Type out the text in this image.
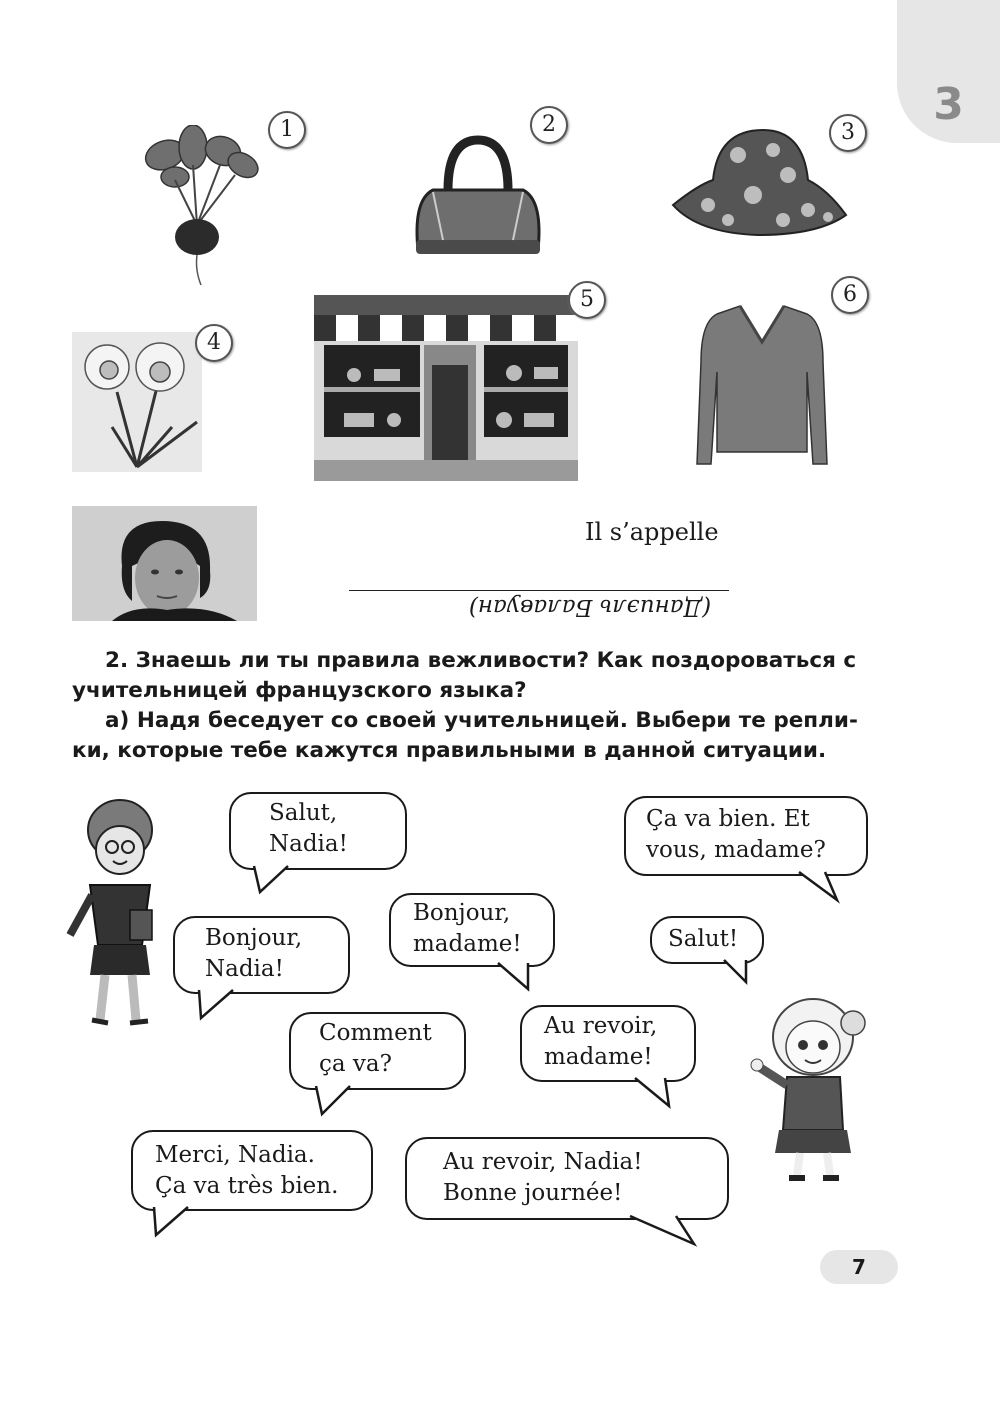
3
1	2	3
4
5	6
Il s’appelle
(Даниэль Балавуан)
2. Знаешь ли ты правила вежливости? Как поздороваться с
учительницей французского языка?
а) Надя беседует со своей учительницей. Выбери те репли-
ки, которые тебе кажутся правильными в данной ситуации.
Salut,
Nadia!
Ça va bien. Et
vous, madame?
Bonjour,
madame!
Bonjour,
Nadia!
Salut!
Comment
ça va?
Au revoir,
madame!
Merci, Nadia.
Ça va très bien.
Au revoir, Nadia!
Bonne journée!
7
